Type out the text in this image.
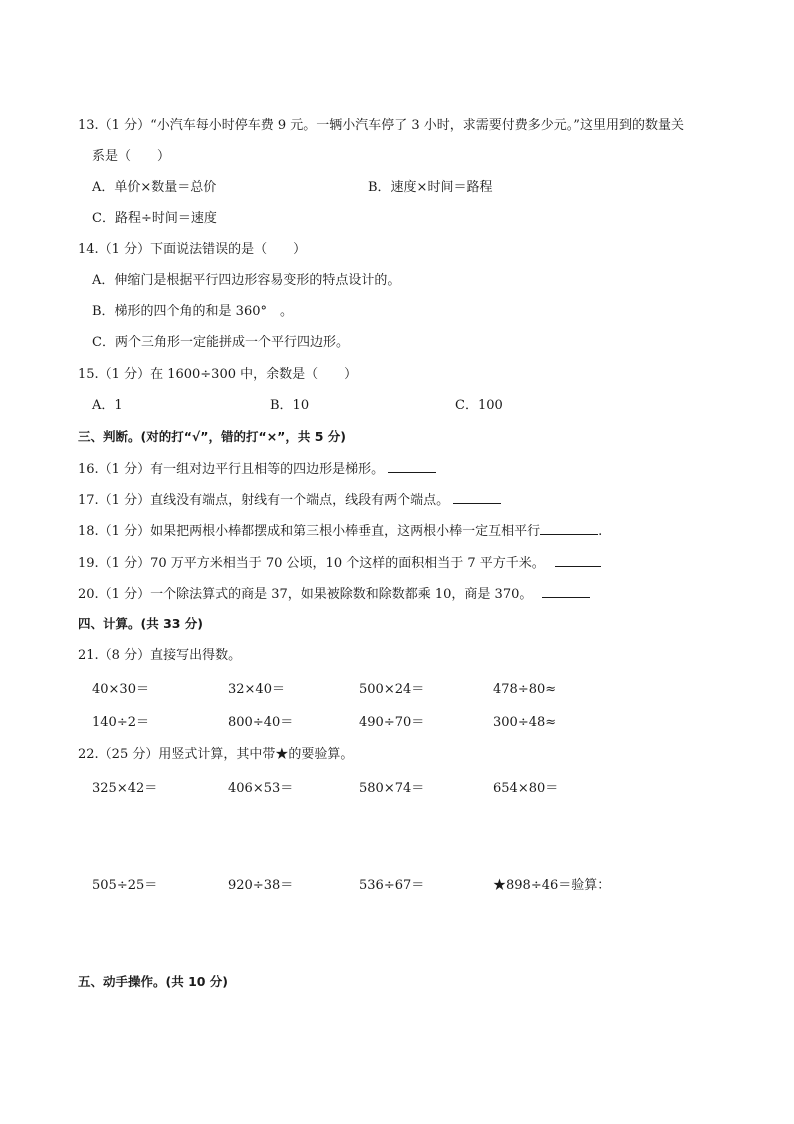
13.（1 分）“小汽车每小时停车费 9 元。一辆小汽车停了 3 小时，求需要付费多少元。”这里用到的数量关
系是（　　）
A．单价×数量＝总价	B．速度×时间＝路程
C．路程÷时间＝速度
14.（1 分）下面说法错误的是（　　）
A．伸缩门是根据平行四边形容易变形的特点设计的。
B．梯形的四个角的和是 360°　。
C．两个三角形一定能拼成一个平行四边形。
15.（1 分）在 1600÷300 中，余数是（　　）
A．1	B．10	C．100
三、判断。(对的打“√”，错的打“×”，共 5 分)
16.（1 分）有一组对边平行且相等的四边形是梯形。
17.（1 分）直线没有端点，射线有一个端点，线段有两个端点。
18.（1 分）如果把两根小棒都摆成和第三根小棒垂直，这两根小棒一定互相平行	.
19.（1 分）70 万平方米相当于 70 公顷，10 个这样的面积相当于 7 平方千米。
20.（1 分）一个除法算式的商是 37，如果被除数和除数都乘 10，商是 370。
四、计算。(共 33 分)
21.（8 分）直接写出得数。
40×30＝	32×40＝	500×24＝	478÷80≈
140÷2＝	800÷40＝	490÷70＝	300÷48≈
22.（25 分）用竖式计算，其中带★的要验算。
325×42＝	406×53＝	580×74＝	654×80＝
505÷25＝	920÷38＝	536÷67＝	★898÷46＝验算：
五、动手操作。(共 10 分)
